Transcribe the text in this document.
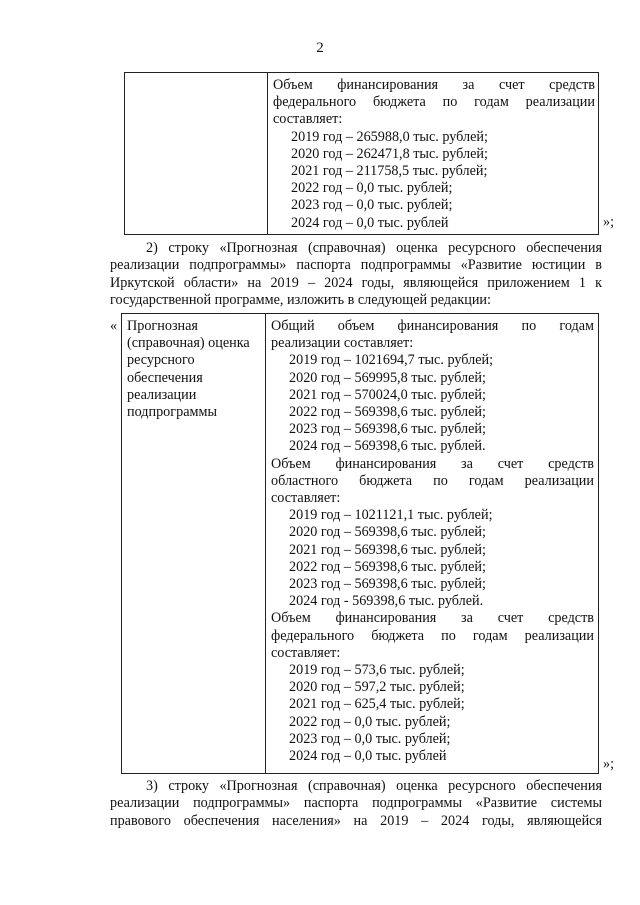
2
Объем финансирования за счет средств
федерального бюджета по годам реализации
составляет:
2019 год – 265988,0 тыс. рублей;
2020 год – 262471,8 тыс. рублей;
2021 год – 211758,5 тыс. рублей;
2022 год – 0,0 тыс. рублей;
2023 год – 0,0 тыс. рублей;
2024 год – 0,0 тыс. рублей	»;
2) строку «Прогнозная (справочная) оценка ресурсного обеспечения
реализации подпрограммы» паспорта подпрограммы «Развитие юстиции в
Иркутской области» на 2019 – 2024 годы, являющейся приложением 1 к
государственной программе, изложить в следующей редакции:
« Прогнозная
(справочная) оценка
ресурсного
обеспечения
реализации
подпрограммы
Общий объем финансирования по годам
реализации составляет:
2019 год – 1021694,7 тыс. рублей;
2020 год – 569995,8 тыс. рублей;
2021 год – 570024,0 тыс. рублей;
2022 год – 569398,6 тыс. рублей;
2023 год – 569398,6 тыс. рублей;
2024 год – 569398,6 тыс. рублей.
Объем финансирования за счет средств
областного бюджета по годам реализации
составляет:
2019 год – 1021121,1 тыс. рублей;
2020 год – 569398,6 тыс. рублей;
2021 год – 569398,6 тыс. рублей;
2022 год – 569398,6 тыс. рублей;
2023 год – 569398,6 тыс. рублей;
2024 год - 569398,6 тыс. рублей.
Объем финансирования за счет средств
федерального бюджета по годам реализации
составляет:
2019 год – 573,6 тыс. рублей;
2020 год – 597,2 тыс. рублей;
2021 год – 625,4 тыс. рублей;
2022 год – 0,0 тыс. рублей;
2023 год – 0,0 тыс. рублей;
2024 год – 0,0 тыс. рублей	»;
3) строку «Прогнозная (справочная) оценка ресурсного обеспечения
реализации подпрограммы» паспорта подпрограммы «Развитие системы
правового обеспечения населения» на 2019 – 2024 годы, являющейся
